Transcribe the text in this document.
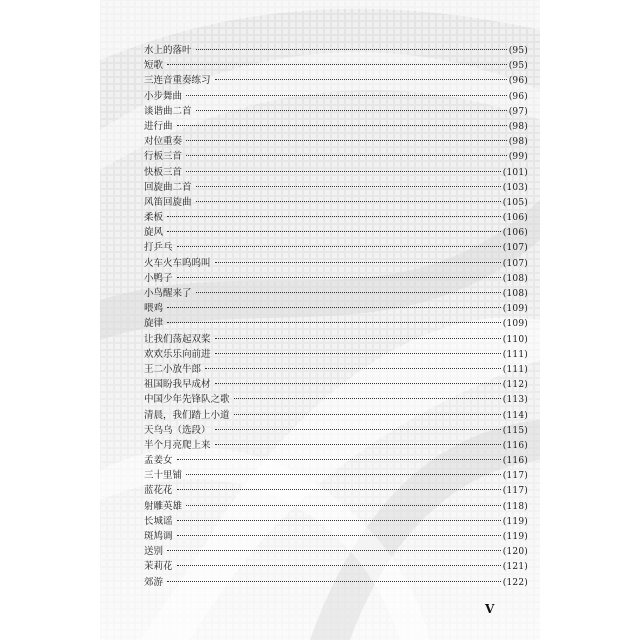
水上的落叶	(95)
短歌	(95)
三连音重奏练习	(96)
小步舞曲	(96)
谈谐曲二首	(97)
进行曲	(98)
对位重奏	(98)
行板三首	(99)
快板三首	(101)
回旋曲二首	(103)
风笛回旋曲	(105)
柔板	(106)
旋风	(106)
打乒乓	(107)
火车火车呜呜叫	(107)
小鸭子	(108)
小鸟醒来了	(108)
喂鸡	(109)
旋律	(109)
让我们荡起双桨	(110)
欢欢乐乐向前进	(111)
王二小放牛郎	(111)
祖国盼我早成材	(112)
中国少年先锋队之歌	(113)
清晨，我们踏上小道	(114)
天乌乌（选段）	(115)
半个月亮爬上来	(116)
孟姜女	(116)
三十里铺	(117)
蓝花花	(117)
射雕英雄	(118)
长城谣	(119)
斑鸠调	(119)
送别	(120)
茉莉花	(121)
郊游	(122)
V
